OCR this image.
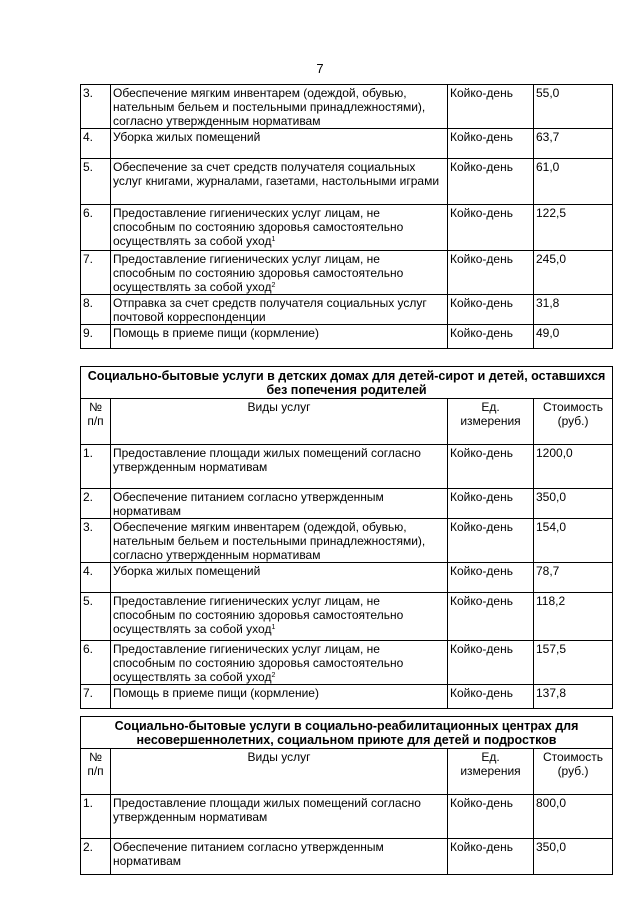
7
3.	Обеспечение мягким инвентарем (одеждой, обувью, нательным бельем и постельными принадлежностями), согласно утвержденным нормативам	Койко-день	55,0
4.	Уборка жилых помещений	Койко-день	63,7
5.	Обеспечение за счет средств получателя социальных услуг книгами, журналами, газетами, настольными играми	Койко-день	61,0
6.	Предоставление гигиенических услуг лицам, не способным по состоянию здоровья самостоятельно осуществлять за собой уход$^1$	Койко-день	122,5
7.	Предоставление гигиенических услуг лицам, не способным по состоянию здоровья самостоятельно осуществлять за собой уход$^2$	Койко-день	245,0
8.	Отправка за счет средств получателя социальных услуг почтовой корреспонденции	Койко-день	31,8
9.	Помощь в приеме пищи (кормление)	Койко-день	49,0
Социально-бытовые услуги в детских домах для детей-сирот и детей, оставшихся без попечения родителей			
№ п/п	Виды услуг	Ед. измерения	Стоимость (руб.)
1.	Предоставление площади жилых помещений согласно утвержденным нормативам	Койко-день	1200,0
2.	Обеспечение питанием согласно утвержденным нормативам	Койко-день	350,0
3.	Обеспечение мягким инвентарем (одеждой, обувью, нательным бельем и постельными принадлежностями), согласно утвержденным нормативам	Койко-день	154,0
4.	Уборка жилых помещений	Койко-день	78,7
5.	Предоставление гигиенических услуг лицам, не способным по состоянию здоровья самостоятельно осуществлять за собой уход$^1$	Койко-день	118,2
6.	Предоставление гигиенических услуг лицам, не способным по состоянию здоровья самостоятельно осуществлять за собой уход$^2$	Койко-день	157,5
7.	Помощь в приеме пищи (кормление)	Койко-день	137,8
Социально-бытовые услуги в социально-реабилитационных центрах для несовершеннолетних, социальном приюте для детей и подростков			
№ п/п	Виды услуг	Ед. измерения	Стоимость (руб.)
1.	Предоставление площади жилых помещений согласно утвержденным нормативам	Койко-день	800,0
2.	Обеспечение питанием согласно утвержденным нормативам	Койко-день	350,0
